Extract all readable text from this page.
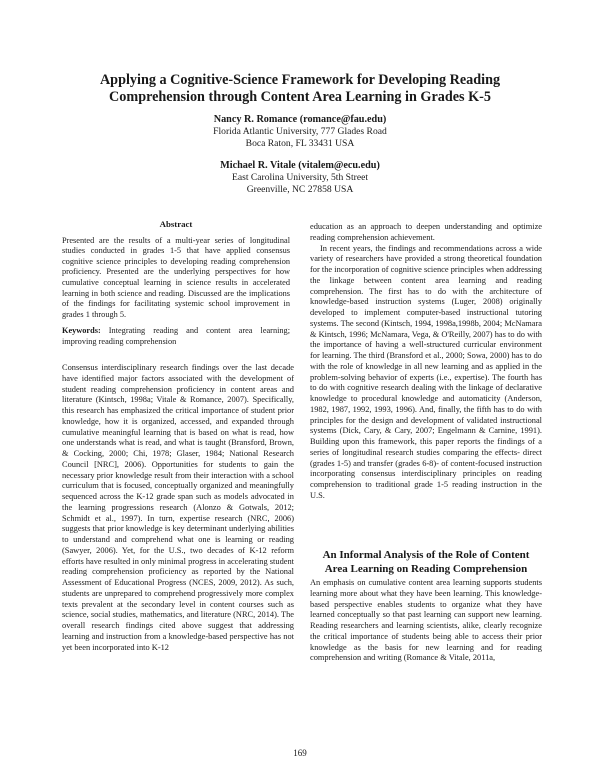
Applying a Cognitive-Science Framework for Developing Reading
Comprehension through Content Area Learning in Grades K-5
Nancy R. Romance (romance@fau.edu)
Florida Atlantic University, 777 Glades Road
Boca Raton, FL 33431 USA
Michael R. Vitale (vitalem@ecu.edu)
East Carolina University, 5th Street
Greenville, NC 27858 USA
Abstract
Presented are the results of a multi-year series of longitudinal studies conducted in grades 1-5 that have applied consensus cognitive science principles to developing reading comprehension proficiency. Presented are the underlying perspectives for how cumulative conceptual learning in science results in accelerated learning in both science and reading. Discussed are the implications of the findings for facilitating systemic school improvement in grades 1 through 5.
Keywords: Integrating reading and content area learning; improving reading comprehension

Consensus interdisciplinary research findings over the last decade have identified major factors associated with the development of student reading comprehension proficiency in content areas and literature (Kintsch, 1998a; Vitale & Romance, 2007). Specifically, this research has emphasized the critical importance of student prior knowledge, how it is organized, accessed, and expanded through cumulative meaningful learning that is based on what is read, how one understands what is read, and what is taught (Bransford, Brown, & Cocking, 2000; Chi, 1978; Glaser, 1984; National Research Council [NRC], 2006). Opportunities for students to gain the necessary prior knowledge result from their interaction with a school curriculum that is focused, conceptually organized and meaningfully sequenced across the K-12 grade span such as models advocated in the learning progressions research (Alonzo & Gotwals, 2012; Schmidt et al., 1997). In turn, expertise research (NRC, 2006) suggests that prior knowledge is key determinant underlying abilities to understand and comprehend what one is learning or reading (Sawyer, 2006). Yet, for the U.S., two decades of K-12 reform efforts have resulted in only minimal progress in accelerating student reading comprehension proficiency as reported by the National Assessment of Educational Progress (NCES, 2009, 2012). As such, students are unprepared to comprehend progressively more complex texts prevalent at the secondary level in content courses such as science, social studies, mathematics, and literature (NRC, 2014). The overall research findings cited above suggest that addressing learning and instruction from a knowledge-based perspective has not yet been incorporated into K-12

education as an approach to deepen understanding and optimize reading comprehension achievement.

In recent years, the findings and recommendations across a wide variety of researchers have provided a strong theoretical foundation for the incorporation of cognitive science principles when addressing the linkage between content area learning and reading comprehension. The first has to do with the architecture of knowledge-based instruction systems (Luger, 2008) originally developed to implement computer-based instructional tutoring systems. The second (Kintsch, 1994, 1998a,1998b, 2004; McNamara & Kintsch, 1996; McNamara, Vega, & O'Reilly, 2007) has to do with the importance of having a well-structured curricular environment for learning. The third (Bransford et al., 2000; Sowa, 2000) has to do with the role of knowledge in all new learning and as applied in the problem-solving behavior of experts (i.e., expertise). The fourth has to do with cognitive research dealing with the linkage of declarative knowledge to procedural knowledge and automaticity (Anderson, 1982, 1987, 1992, 1993, 1996). And, finally, the fifth has to do with principles for the design and development of validated instructional systems (Dick, Cary, & Cary, 2007; Engelmann & Carnine, 1991). Building upon this framework, this paper reports the findings of a series of longitudinal research studies comparing the effects- direct (grades 1-5) and transfer (grades 6-8)- of content-focused instruction incorporating consensus interdisciplinary principles on reading comprehension to traditional grade 1-5 reading instruction in the U.S.

An Informal Analysis of the Role of Content
Area Learning on Reading Comprehension

An emphasis on cumulative content area learning supports students learning more about what they have been learning. This knowledge-based perspective enables students to organize what they have learned conceptually so that past learning can support new learning. Reading researchers and learning scientists, alike, clearly recognize the critical importance of students being able to access their prior knowledge as the basis for new learning and for reading comprehension and writing (Romance & Vitale, 2011a,

169
